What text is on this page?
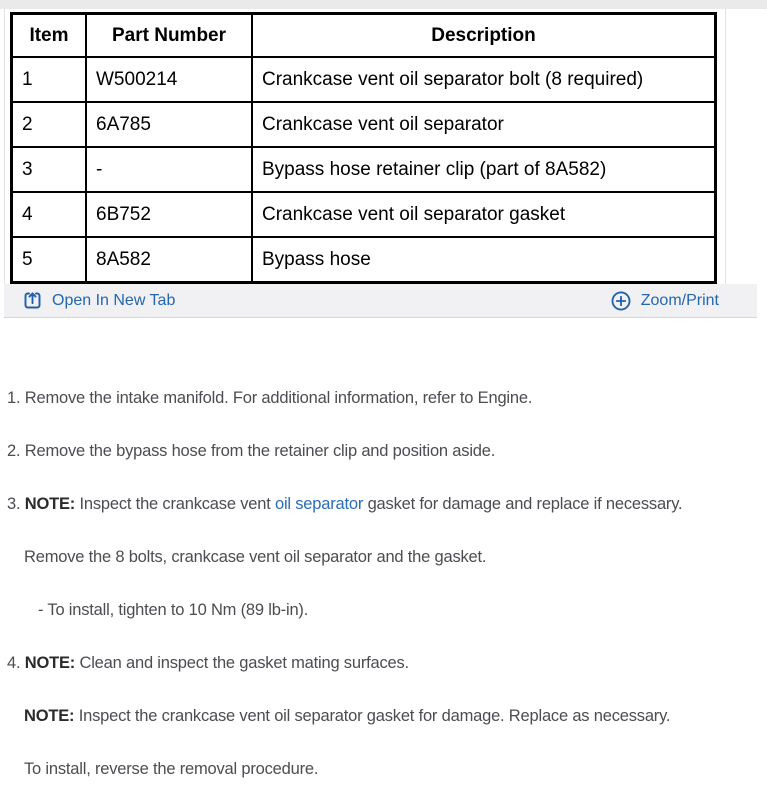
Item	Part Number	Description
1	W500214	Crankcase vent oil separator bolt (8 required)
2	6A785	Crankcase vent oil separator
3	-	Bypass hose retainer clip (part of 8A582)
4	6B752	Crankcase vent oil separator gasket
5	8A582	Bypass hose
Open In New Tab	Zoom/Print
1. Remove the intake manifold. For additional information, refer to Engine.
2. Remove the bypass hose from the retainer clip and position aside.
3. NOTE: Inspect the crankcase vent oil separator gasket for damage and replace if necessary.
Remove the 8 bolts, crankcase vent oil separator and the gasket.
- To install, tighten to 10 Nm (89 lb-in).
4. NOTE: Clean and inspect the gasket mating surfaces.
NOTE: Inspect the crankcase vent oil separator gasket for damage. Replace as necessary.
To install, reverse the removal procedure.
